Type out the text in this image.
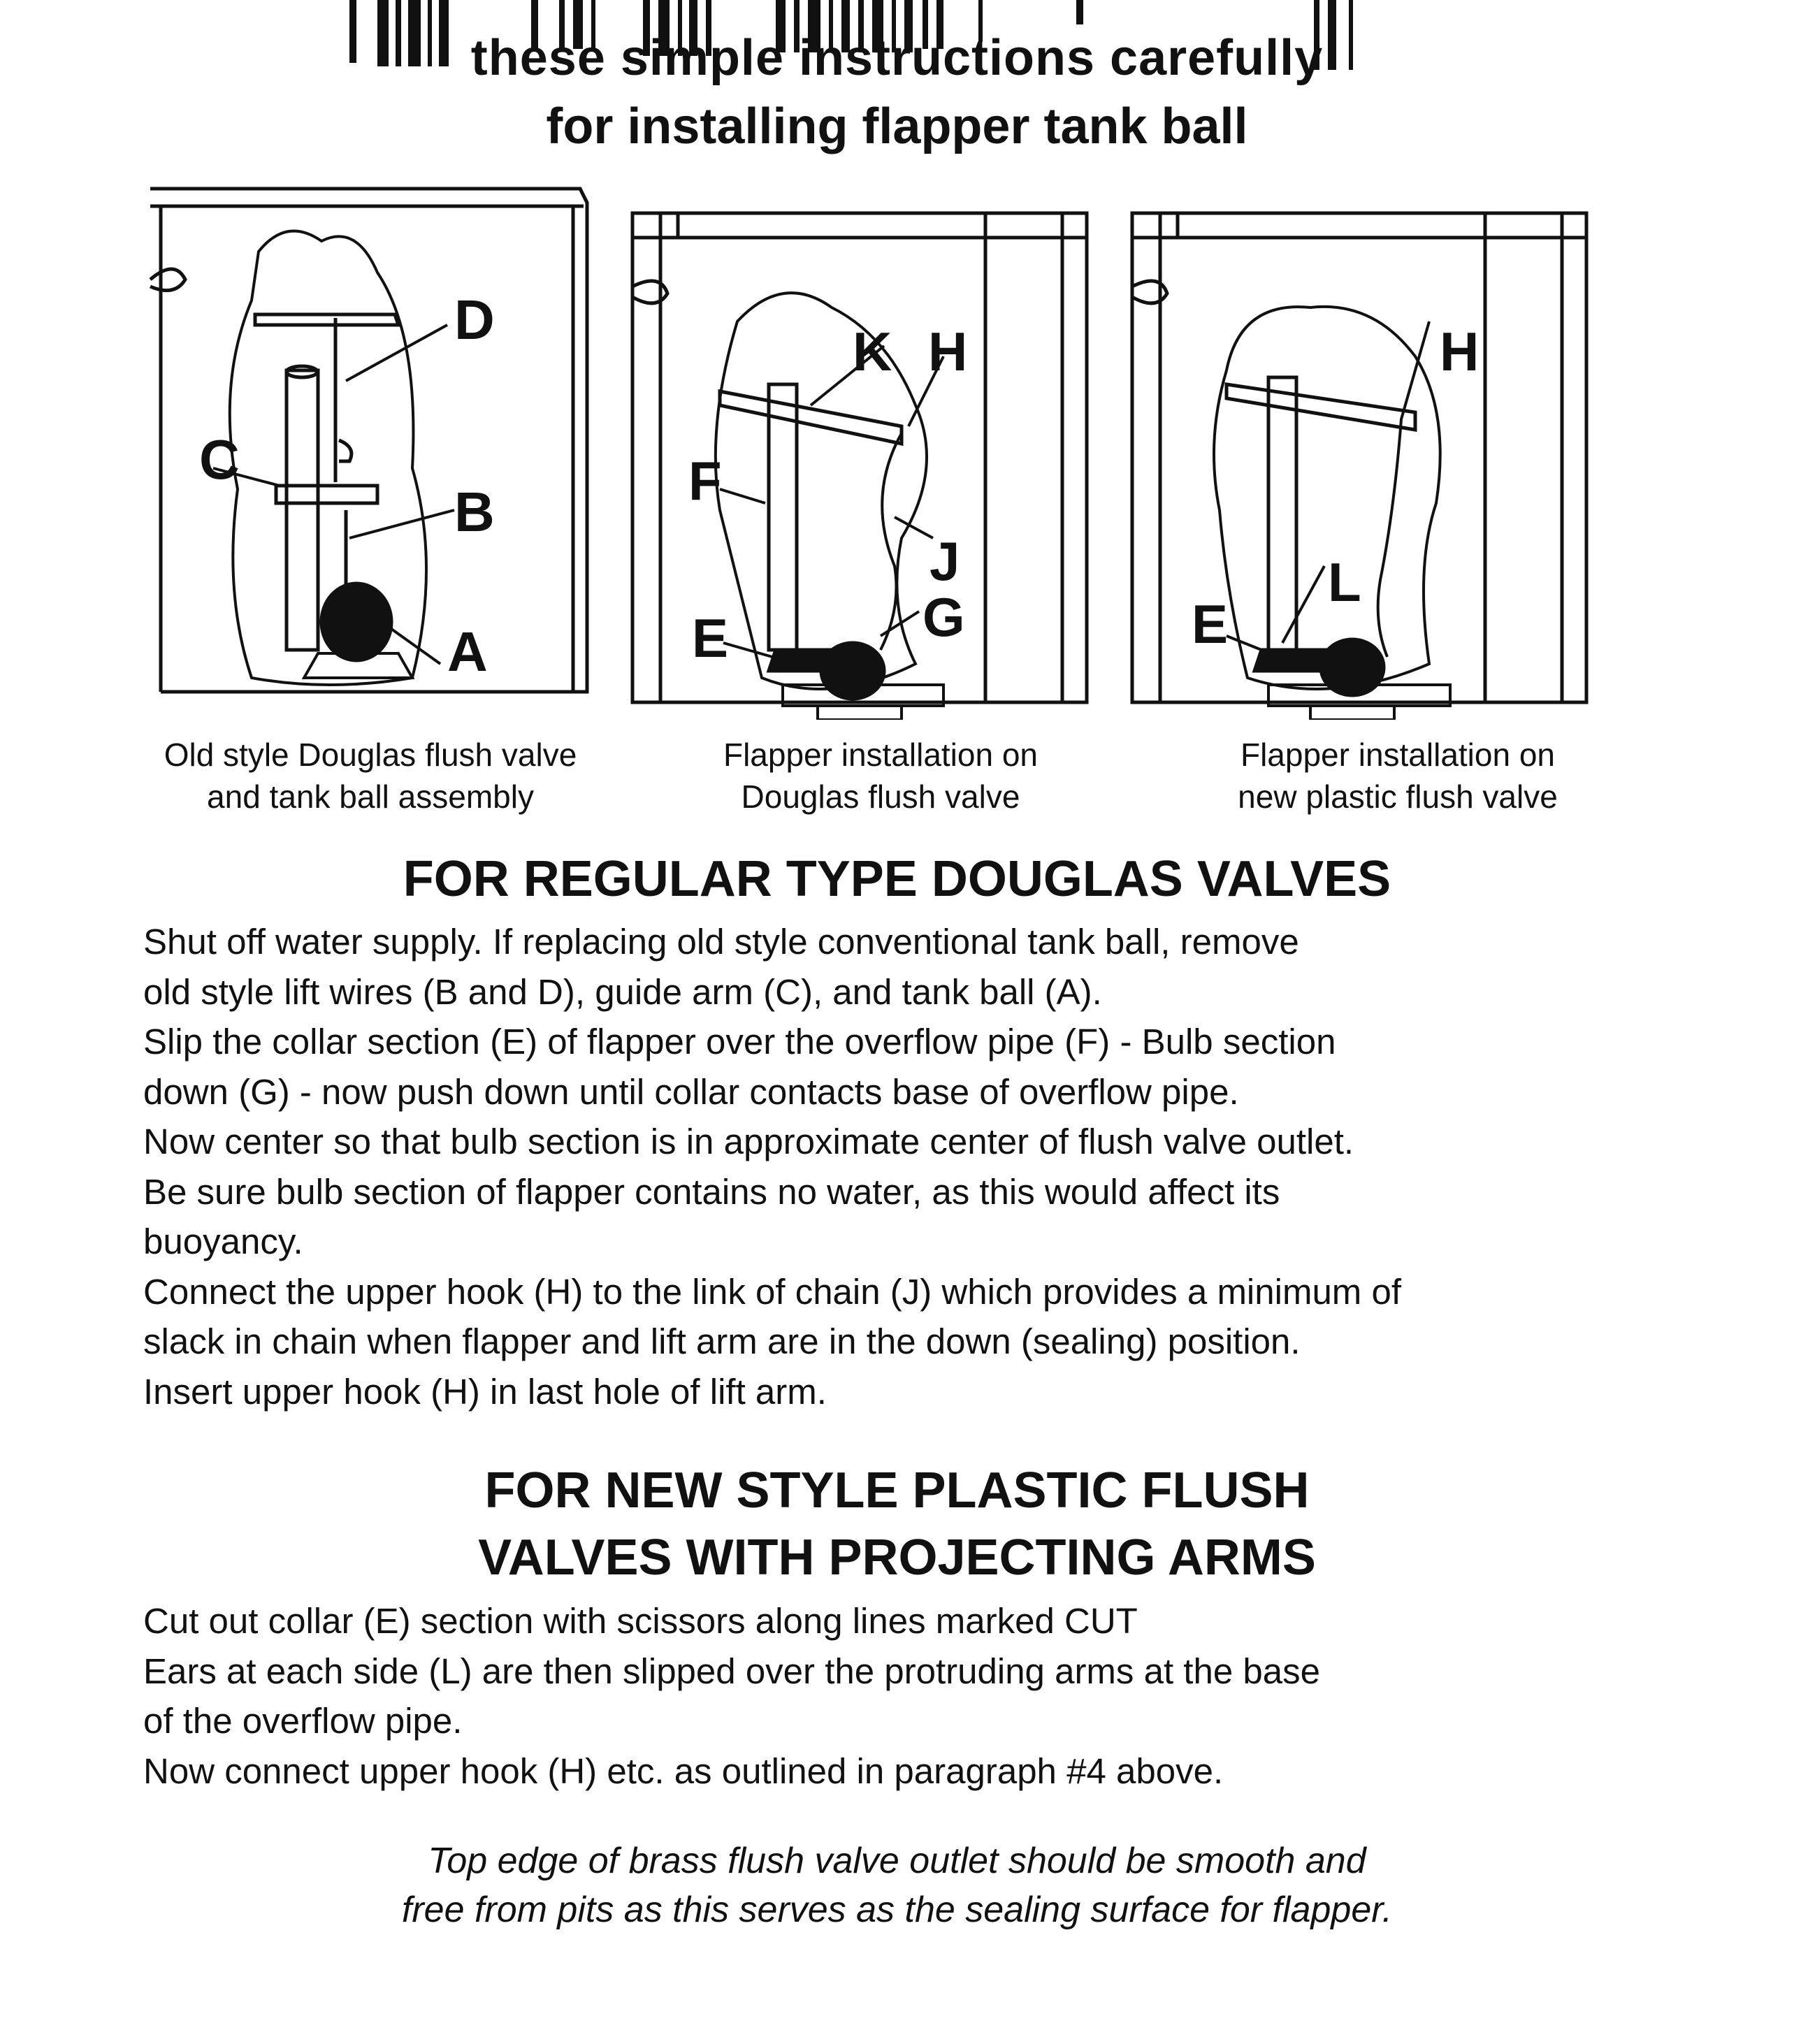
these simple instructions carefully
for installing flapper tank ball
D
B
C
A
K H
F
J
E	G
H
L
E
Old style Douglas flush valve
and tank ball assembly
Flapper installation on
Douglas flush valve
Flapper installation on
new plastic flush valve
FOR REGULAR TYPE DOUGLAS VALVES
Shut off water supply. If replacing old style conventional tank ball, remove
old style lift wires (B and D), guide arm (C), and tank ball (A).
Slip the collar section (E) of flapper over the overflow pipe (F) - Bulb section
down (G) - now push down until collar contacts base of overflow pipe.
Now center so that bulb section is in approximate center of flush valve outlet.
Be sure bulb section of flapper contains no water, as this would affect its
buoyancy.
Connect the upper hook (H) to the link of chain (J) which provides a minimum of
slack in chain when flapper and lift arm are in the down (sealing) position.
Insert upper hook (H) in last hole of lift arm.
FOR NEW STYLE PLASTIC FLUSH
VALVES WITH PROJECTING ARMS
Cut out collar (E) section with scissors along lines marked CUT
Ears at each side (L) are then slipped over the protruding arms at the base
of the overflow pipe.
Now connect upper hook (H) etc. as outlined in paragraph #4 above.
Top edge of brass flush valve outlet should be smooth and
free from pits as this serves as the sealing surface for flapper.
